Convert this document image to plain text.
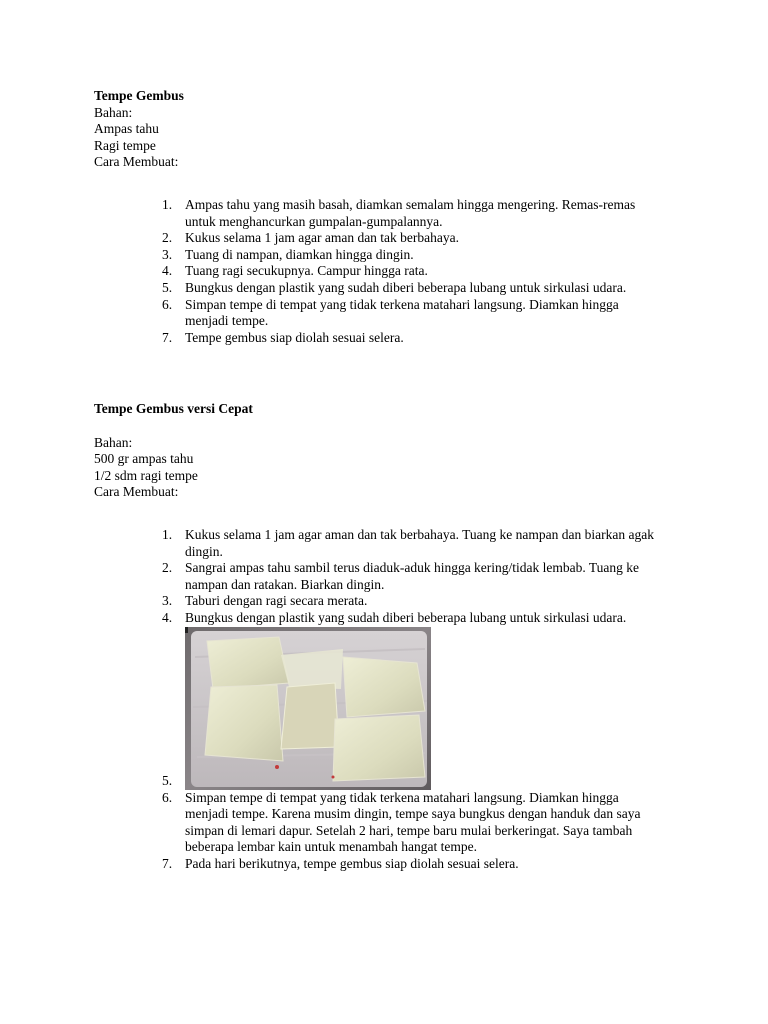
Tempe Gembus

Bahan:

Ampas tahu

Ragi tempe

Cara Membuat:

1. Ampas tahu yang masih basah, diamkan semalam hingga mengering. Remas-remas untuk menghancurkan gumpalan-gumpalannya.
2. Kukus selama 1 jam agar aman dan tak berbahaya.
3. Tuang di nampan, diamkan hingga dingin.
4. Tuang ragi secukupnya. Campur hingga rata.
5. Bungkus dengan plastik yang sudah diberi beberapa lubang untuk sirkulasi udara.
6. Simpan tempe di tempat yang tidak terkena matahari langsung. Diamkan hingga menjadi tempe.
7. Tempe gembus siap diolah sesuai selera.

Tempe Gembus versi Cepat

Bahan:

500 gr ampas tahu

1/2 sdm ragi tempe

Cara Membuat:

1. Kukus selama 1 jam agar aman dan tak berbahaya. Tuang ke nampan dan biarkan agak dingin.
2. Sangrai ampas tahu sambil terus diaduk-aduk hingga kering/tidak lembab. Tuang ke nampan dan ratakan. Biarkan dingin.
3. Taburi dengan ragi secara merata.
4. Bungkus dengan plastik yang sudah diberi beberapa lubang untuk sirkulasi udara.
5.
6. Simpan tempe di tempat yang tidak terkena matahari langsung. Diamkan hingga menjadi tempe. Karena musim dingin, tempe saya bungkus dengan handuk dan saya simpan di lemari dapur. Setelah 2 hari, tempe baru mulai berkeringat. Saya tambah beberapa lembar kain untuk menambah hangat tempe.
7. Pada hari berikutnya, tempe gembus siap diolah sesuai selera.
